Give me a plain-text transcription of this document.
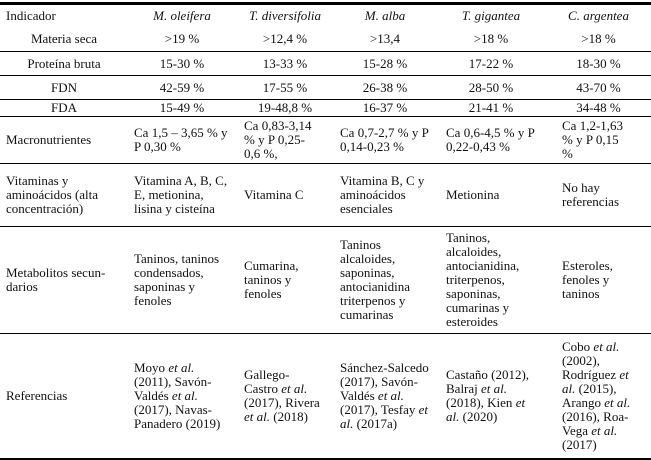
Indicador	M. oleifera	T. diversifolia	M. alba	T. gigantea	C. argentea
Materia seca	>19 %	>12,4 %	>13,4	>18 %	>18 %
Proteína bruta	15-30 %	13-33 %	15-28 %	17-22 %	18-30 %
FDN	42-59 %	17-55 %	26-38 %	28-50 %	43-70 %
FDA	15-49 %	19-48,8 %	16-37 %	21-41 %	34-48 %
Macronutrientes	Ca 1,5 – 3,65 % y P 0,30 %	Ca 0,83-3,14 % y P 0,25-0,6 %,	Ca 0,7-2,7 % y P 0,14-0,23 %	Ca 0,6-4,5 % y P 0,22-0,43 %	Ca 1,2-1,63 % y P 0,15 %
Vitaminas y aminoácidos (alta concentración)	Vitamina A, B, C, E, metionina, lisina y cisteína	Vitamina C	Vitamina B, C y aminoácidos esenciales	Metionina	No hay referencias
Metabolitos secun-darios	Taninos, taninos condensados, saponinas y fenoles	Cumarina, taninos y fenoles	Taninos alcaloides, saponinas, antocianidina triterpenos y cumarinas	Taninos, alcaloides, antocianidina, triterpenos, saponinas, cumarinas y esteroides	Esteroles, fenoles y taninos
Referencias	Moyo et al. (2011), Savón-Valdés et al. (2017), Navas-Panadero (2019)	Gallego-Castro et al. (2017), Rivera et al. (2018)	Sánchez-Salcedo (2017), Savón-Valdés et al. (2017), Tesfay et al. (2017a)	Castaño (2012), Balraj et al. (2018), Kien et al. (2020)	Cobo et al. (2002), Rodríguez et al. (2015), Arango et al. (2016), Roa-Vega et al. (2017)
